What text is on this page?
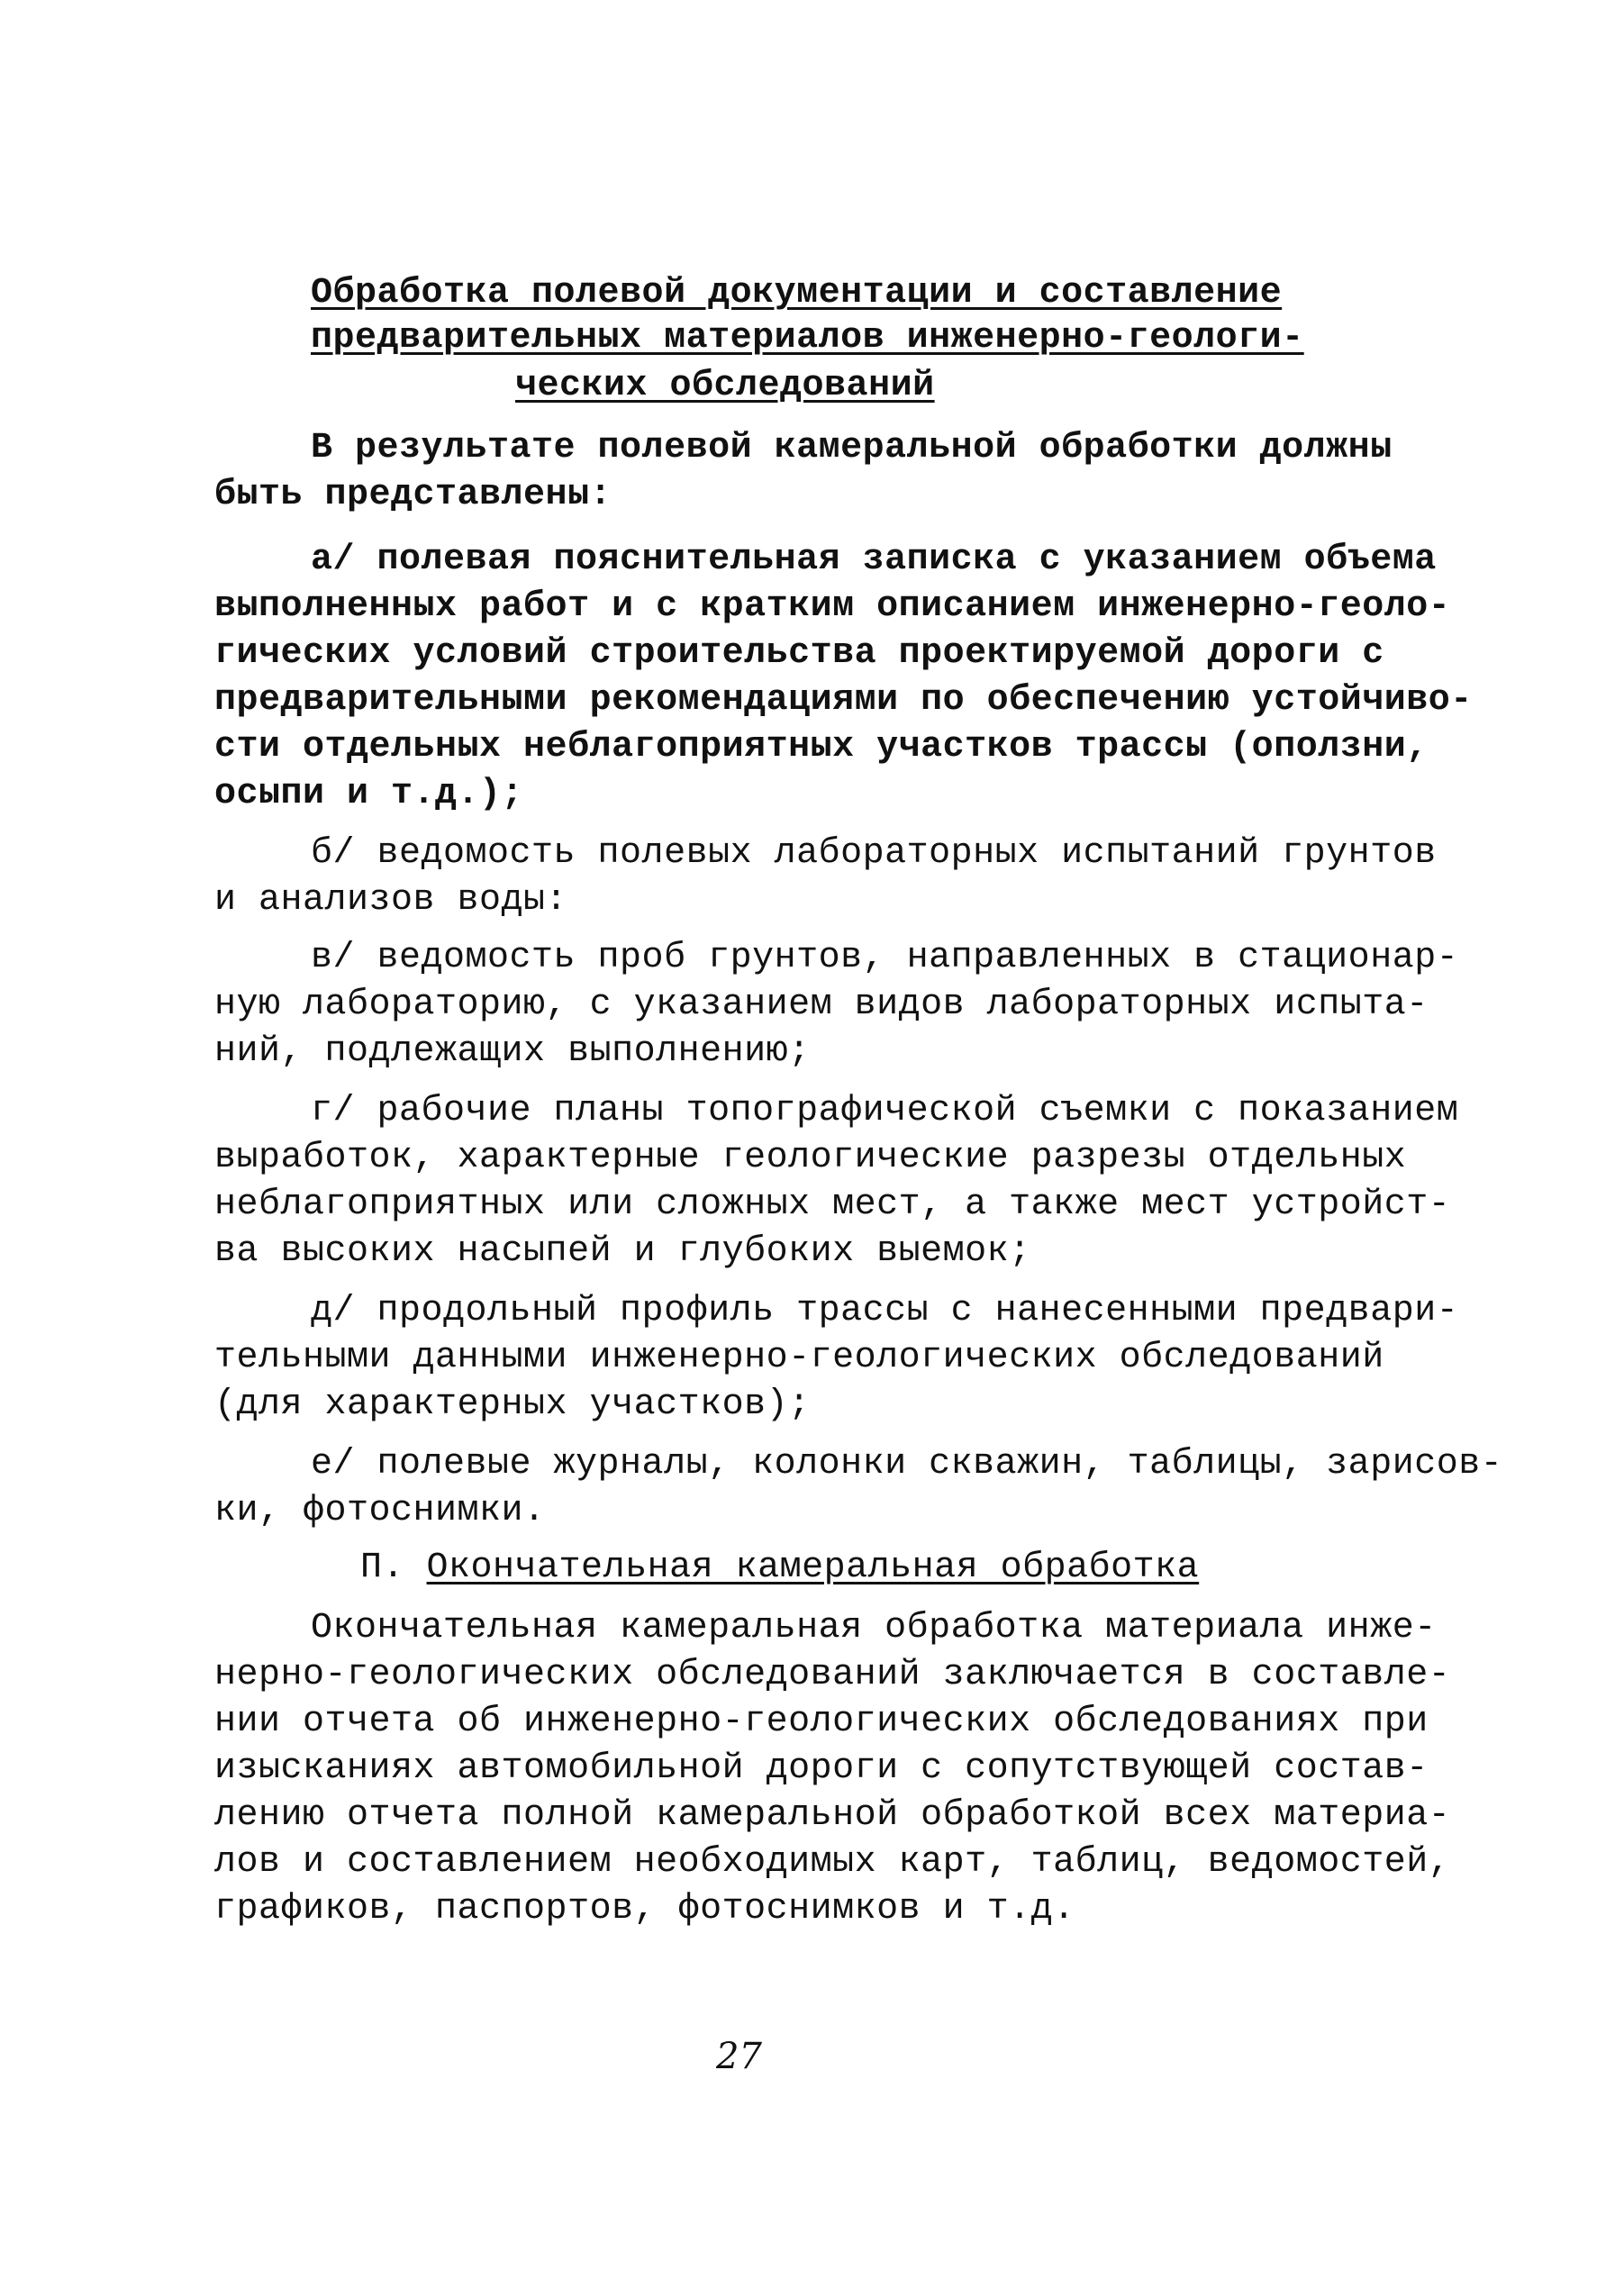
Обработка полевой документации и составление
предварительных материалов инженерно-геологи-
ческих обследований
В результате полевой камеральной обработки должны
быть представлены:
а/ полевая пояснительная записка с указанием объема
выполненных работ и с кратким описанием инженерно-геоло-
гических условий строительства проектируемой дороги с
предварительными рекомендациями по обеспечению устойчиво-
сти отдельных неблагоприятных участков трассы (оползни,
осыпи и т.д.);
б/ ведомость полевых лабораторных испытаний грунтов
и анализов воды:
в/ ведомость проб грунтов, направленных в стационар-
ную лабораторию, с указанием видов лабораторных испыта-
ний, подлежащих выполнению;
г/ рабочие планы топографической съемки с показанием
выработок, характерные геологические разрезы отдельных
неблагоприятных или сложных мест, а также мест устройст-
ва высоких насыпей и глубоких выемок;
д/ продольный профиль трассы с нанесенными предвари-
тельными данными инженерно-геологических обследований
(для характерных участков);
е/ полевые журналы, колонки скважин, таблицы, зарисов-
ки, фотоснимки.
П. Окончательная камеральная обработка
Окончательная камеральная обработка материала инже-
нерно-геологических обследований заключается в составле-
нии отчета об инженерно-геологических обследованиях при
изысканиях автомобильной дороги с сопутствующей состав-
лению отчета полной камеральной обработкой всех материа-
лов и составлением необходимых карт, таблиц, ведомостей,
графиков, паспортов, фотоснимков и т.д.
27
